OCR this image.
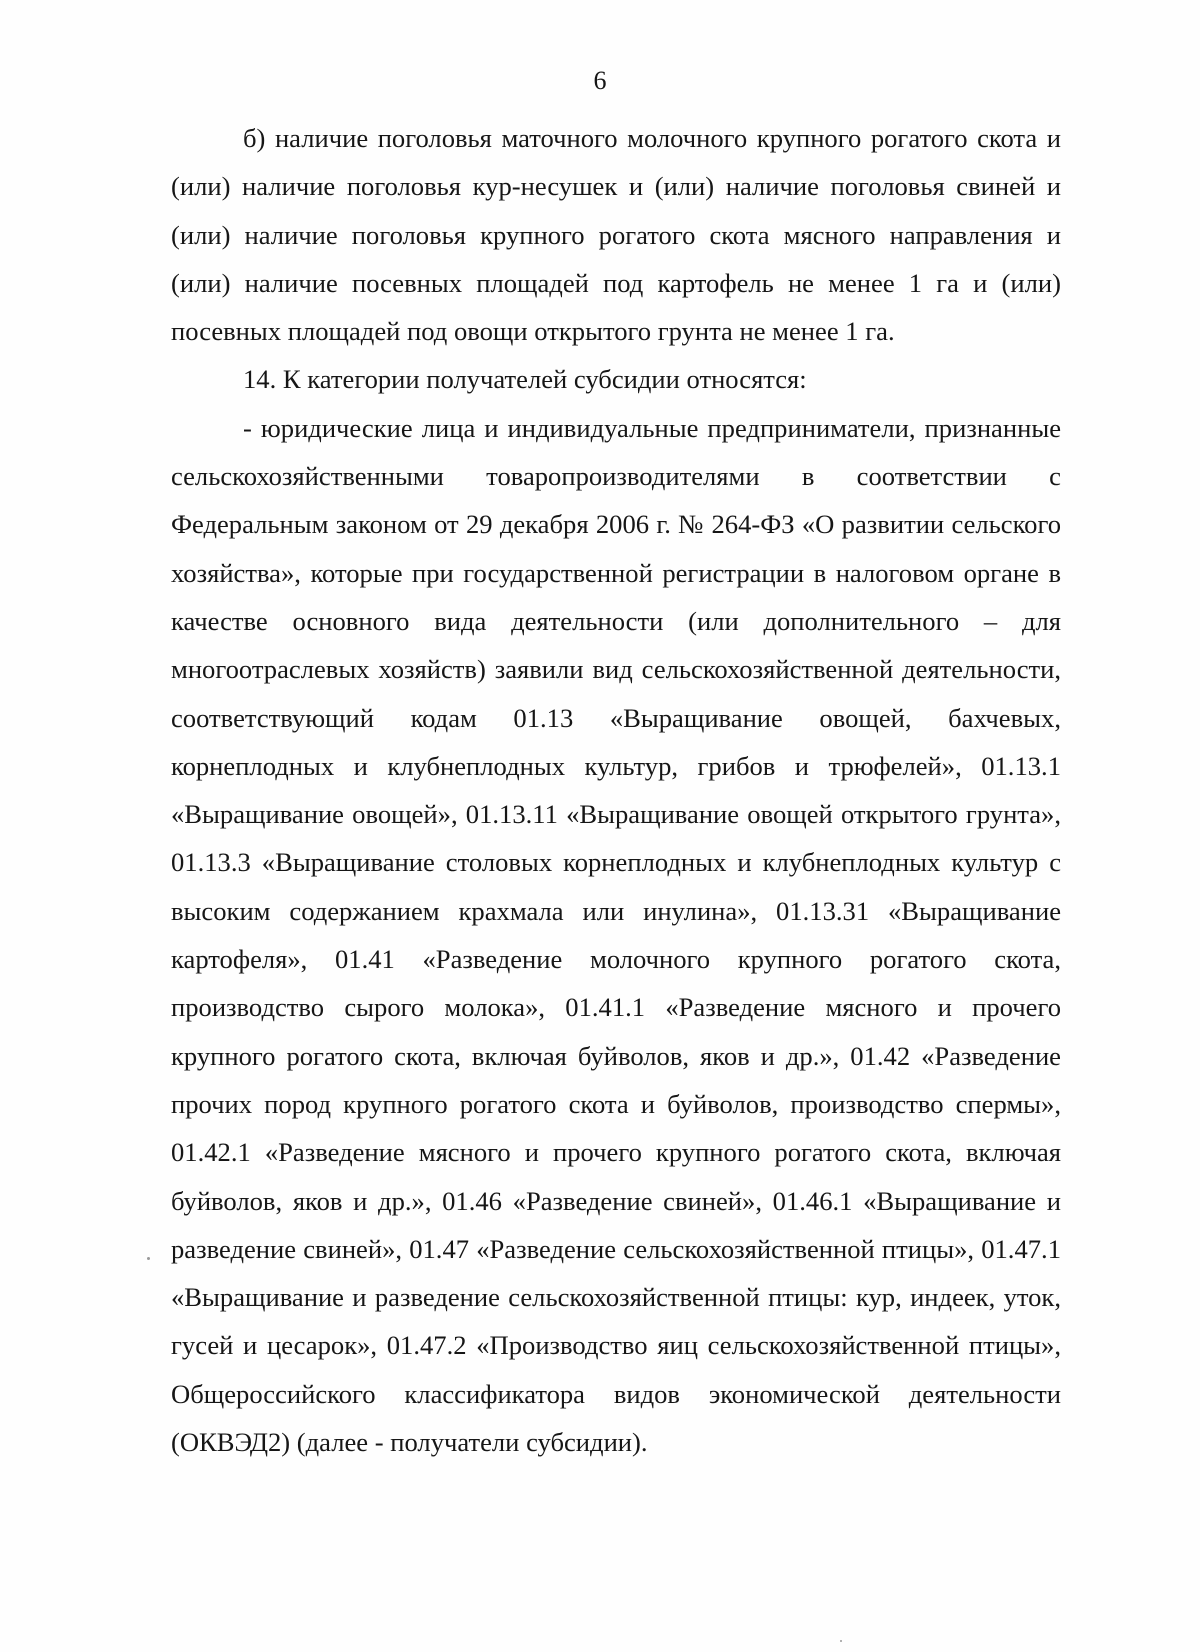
6

б) наличие поголовья маточного молочного крупного рогатого скота и (или) наличие поголовья кур-несушек и (или) наличие поголовья свиней и (или) наличие поголовья крупного рогатого скота мясного направления и (или) наличие посевных площадей под картофель не менее 1 га и (или) посевных площадей под овощи открытого грунта не менее 1 га.

14. К категории получателей субсидии относятся:

- юридические лица и индивидуальные предприниматели, признанные сельскохозяйственными товаропроизводителями в соответствии с Федеральным законом от 29 декабря 2006 г. № 264-ФЗ «О развитии сельского хозяйства», которые при государственной регистрации в налоговом органе в качестве основного вида деятельности (или дополнительного – для многоотраслевых хозяйств) заявили вид сельскохозяйственной деятельности, соответствующий кодам 01.13 «Выращивание овощей, бахчевых, корнеплодных и клубнеплодных культур, грибов и трюфелей», 01.13.1 «Выращивание овощей», 01.13.11 «Выращивание овощей открытого грунта», 01.13.3 «Выращивание столовых корнеплодных и клубнеплодных культур с высоким содержанием крахмала или инулина», 01.13.31 «Выращивание картофеля», 01.41 «Разведение молочного крупного рогатого скота, производство сырого молока», 01.41.1 «Разведение мясного и прочего крупного рогатого скота, включая буйволов, яков и др.», 01.42 «Разведение прочих пород крупного рогатого скота и буйволов, производство спермы», 01.42.1 «Разведение мясного и прочего крупного рогатого скота, включая буйволов, яков и др.», 01.46 «Разведение свиней», 01.46.1 «Выращивание и разведение свиней», 01.47 «Разведение сельскохозяйственной птицы», 01.47.1 «Выращивание и разведение сельскохозяйственной птицы: кур, индеек, уток, гусей и цесарок», 01.47.2 «Производство яиц сельскохозяйственной птицы», Общероссийского классификатора видов экономической деятельности (ОКВЭД2) (далее - получатели субсидии).
